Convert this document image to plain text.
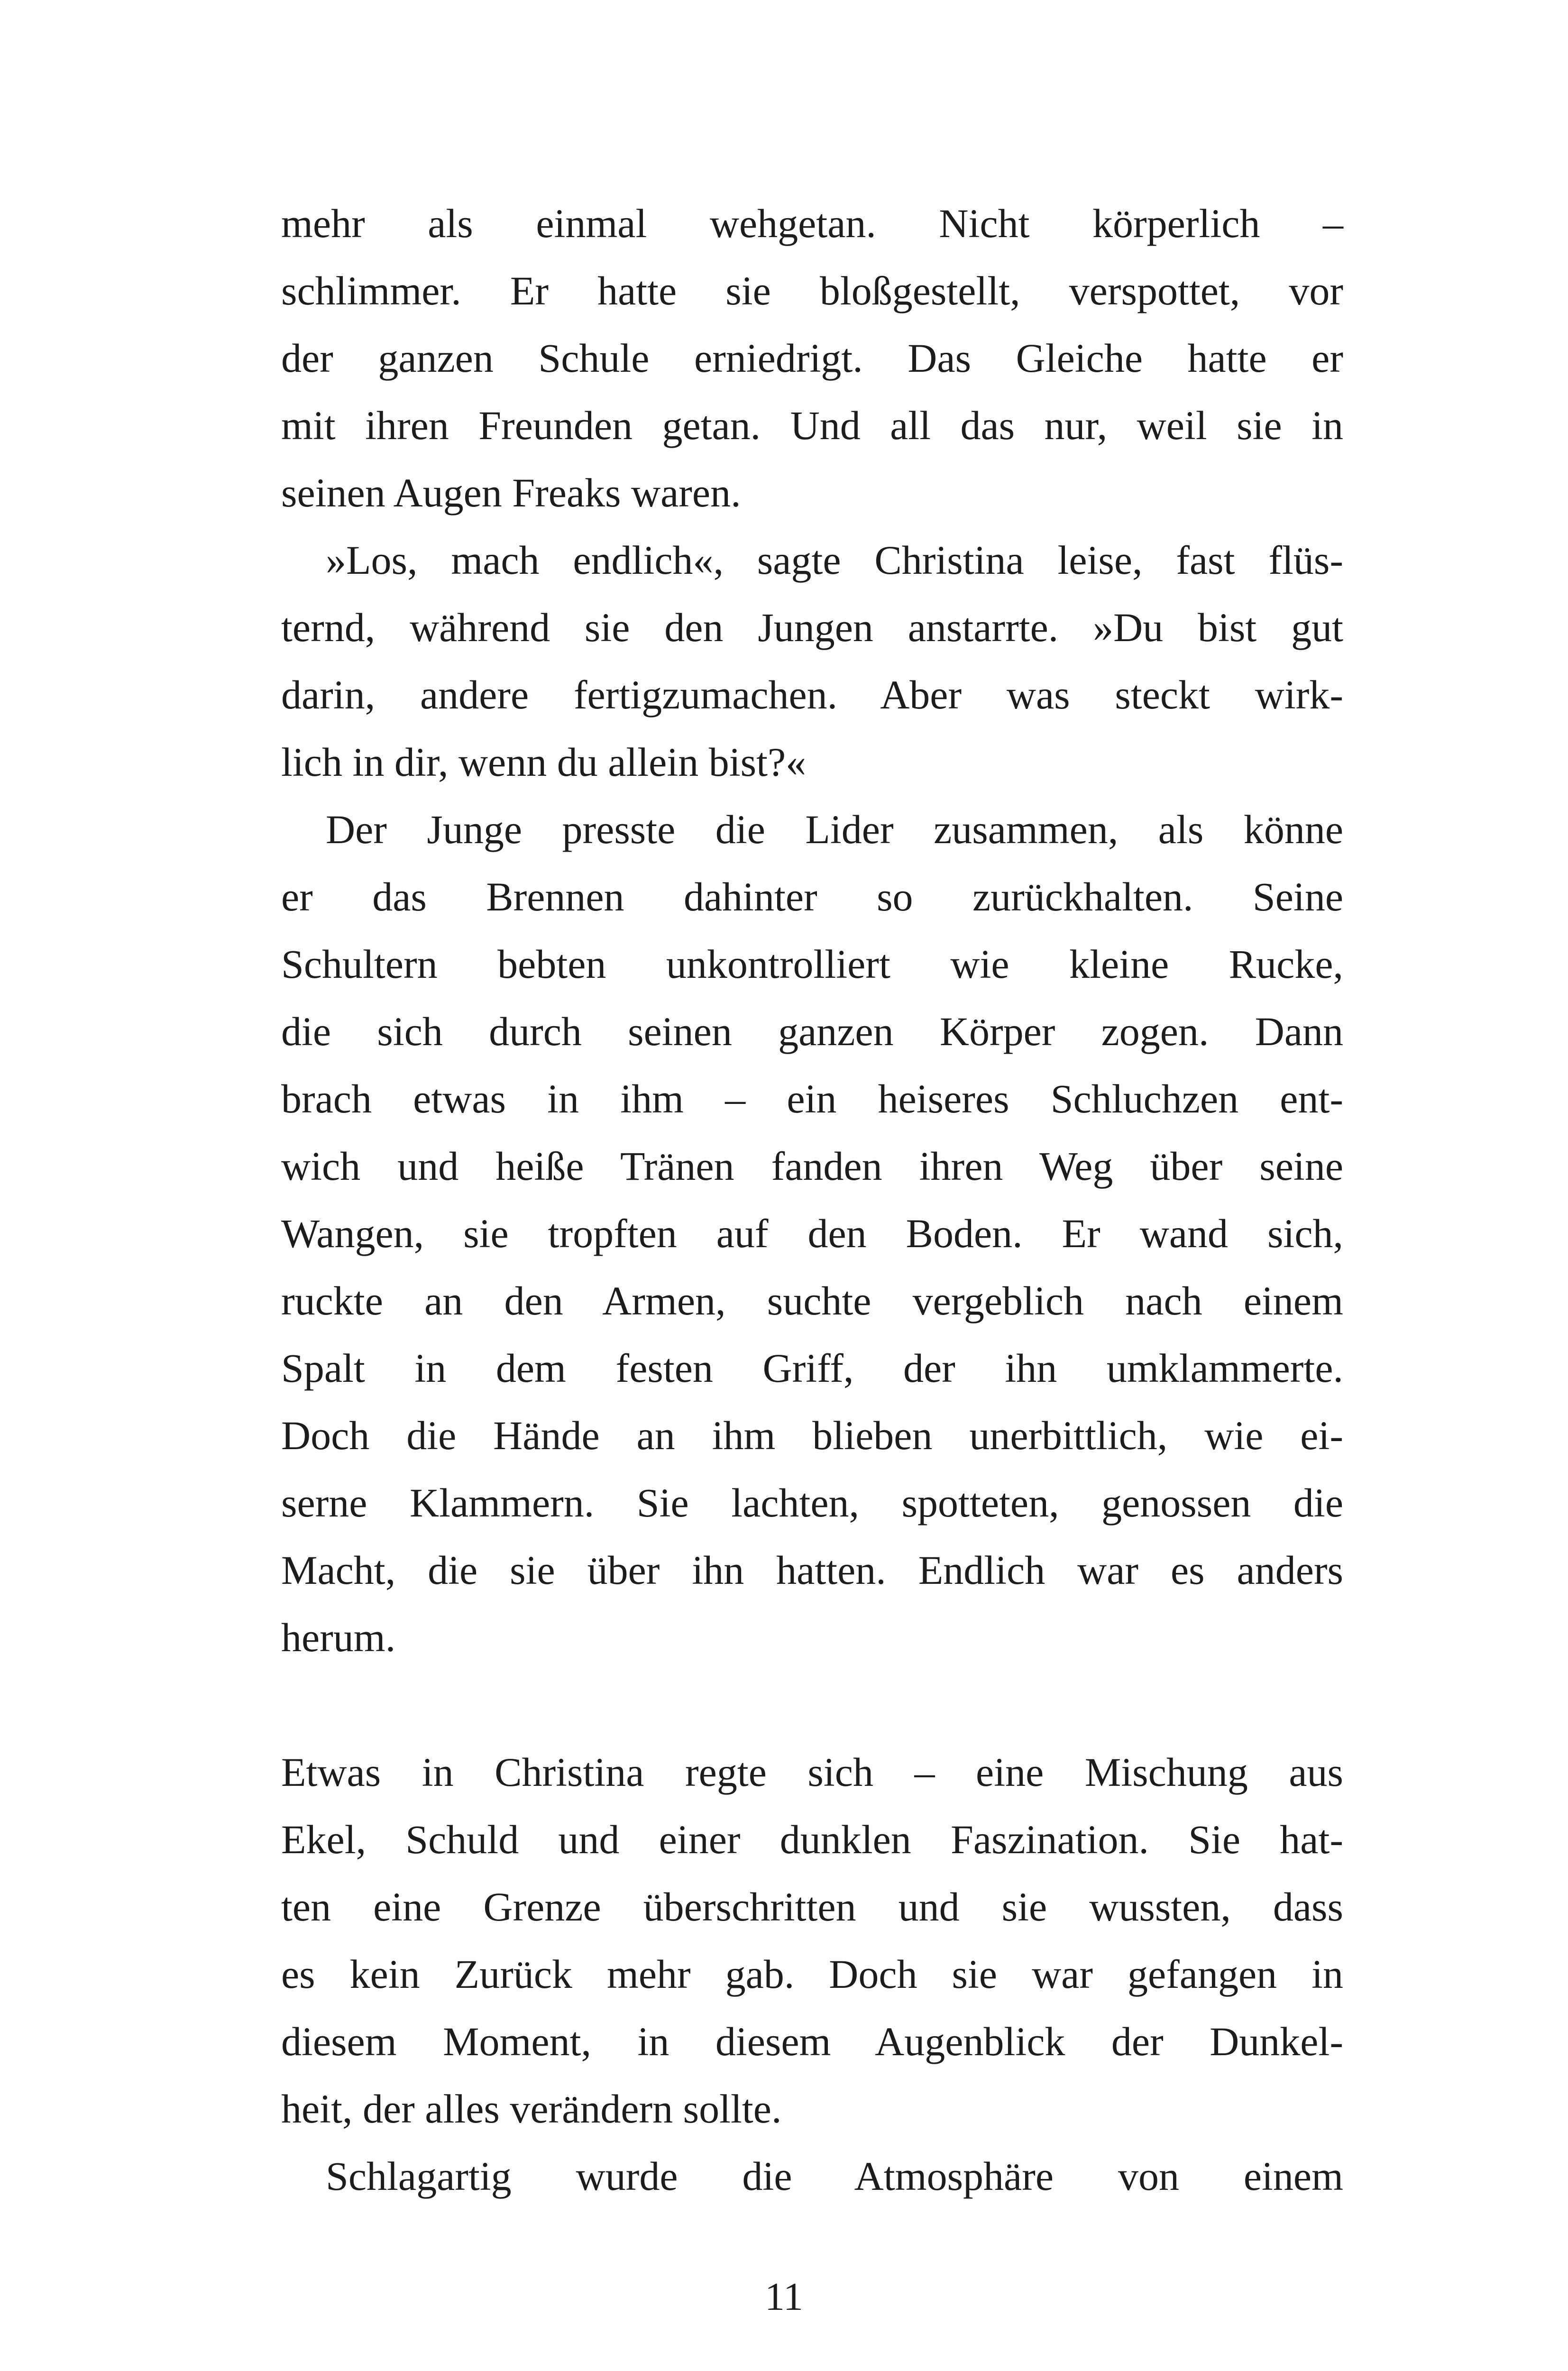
mehr als einmal wehgetan. Nicht körperlich –
schlimmer. Er hatte sie bloßgestellt, verspottet, vor
der ganzen Schule erniedrigt. Das Gleiche hatte er
mit ihren Freunden getan. Und all das nur, weil sie in
seinen Augen Freaks waren.
»Los, mach endlich«, sagte Christina leise, fast flüs-
ternd, während sie den Jungen anstarrte. »Du bist gut
darin, andere fertigzumachen. Aber was steckt wirk-
lich in dir, wenn du allein bist?«
Der Junge presste die Lider zusammen, als könne
er das Brennen dahinter so zurückhalten. Seine
Schultern bebten unkontrolliert wie kleine Rucke,
die sich durch seinen ganzen Körper zogen. Dann
brach etwas in ihm – ein heiseres Schluchzen ent-
wich und heiße Tränen fanden ihren Weg über seine
Wangen, sie tropften auf den Boden. Er wand sich,
ruckte an den Armen, suchte vergeblich nach einem
Spalt in dem festen Griff, der ihn umklammerte.
Doch die Hände an ihm blieben unerbittlich, wie ei-
serne Klammern. Sie lachten, spotteten, genossen die
Macht, die sie über ihn hatten. Endlich war es anders
herum.
Etwas in Christina regte sich – eine Mischung aus
Ekel, Schuld und einer dunklen Faszination. Sie hat-
ten eine Grenze überschritten und sie wussten, dass
es kein Zurück mehr gab. Doch sie war gefangen in
diesem Moment, in diesem Augenblick der Dunkel-
heit, der alles verändern sollte.
Schlagartig wurde die Atmosphäre von einem
11
